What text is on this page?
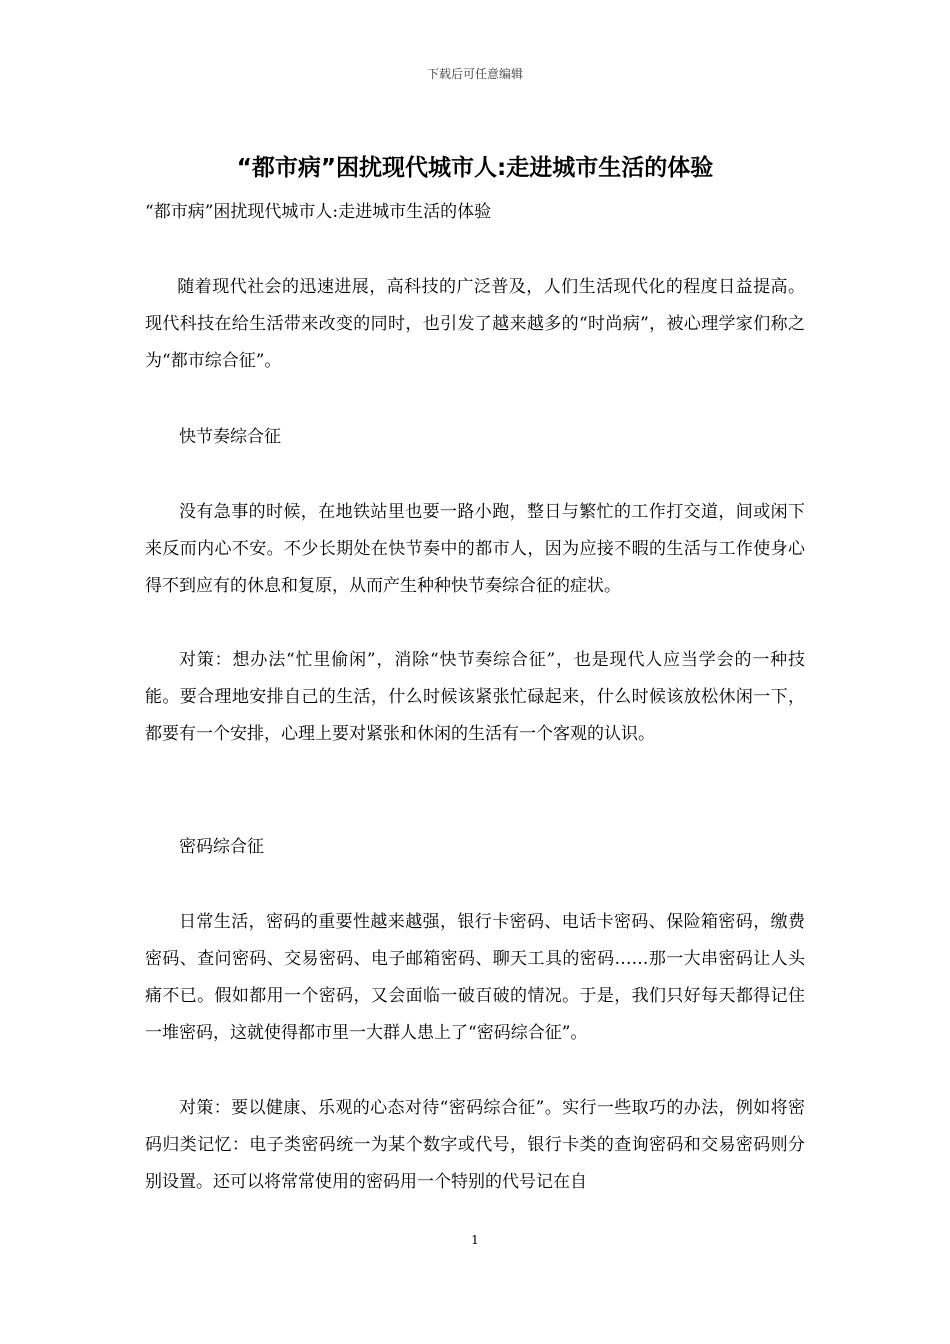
下载后可任意编辑
“都市病”困扰现代城市人:走进城市生活的体验

“都市病”困扰现代城市人:走进城市生活的体验

随着现代社会的迅速进展，高科技的广泛普及，人们生活现代化的程度日益提高。现代科技在给生活带来改变的同时，也引发了越来越多的“时尚病”，被心理学家们称之为“都市综合征”。

快节奏综合征

没有急事的时候，在地铁站里也要一路小跑，整日与繁忙的工作打交道，间或闲下来反而内心不安。不少长期处在快节奏中的都市人，因为应接不暇的生活与工作使身心得不到应有的休息和复原，从而产生种种快节奏综合征的症状。

对策：想办法“忙里偷闲”，消除“快节奏综合征”，也是现代人应当学会的一种技能。要合理地安排自己的生活，什么时候该紧张忙碌起来，什么时候该放松休闲一下，都要有一个安排，心理上要对紧张和休闲的生活有一个客观的认识。

密码综合征

日常生活，密码的重要性越来越强，银行卡密码、电话卡密码、保险箱密码，缴费密码、查问密码、交易密码、电子邮箱密码、聊天工具的密码……那一大串密码让人头痛不已。假如都用一个密码，又会面临一破百破的情况。于是，我们只好每天都得记住一堆密码，这就使得都市里一大群人患上了“密码综合征”。

对策：要以健康、乐观的心态对待“密码综合征”。实行一些取巧的办法，例如将密码归类记忆：电子类密码统一为某个数字或代号，银行卡类的查询密码和交易密码则分别设置。还可以将常常使用的密码用一个特别的代号记在自

1
